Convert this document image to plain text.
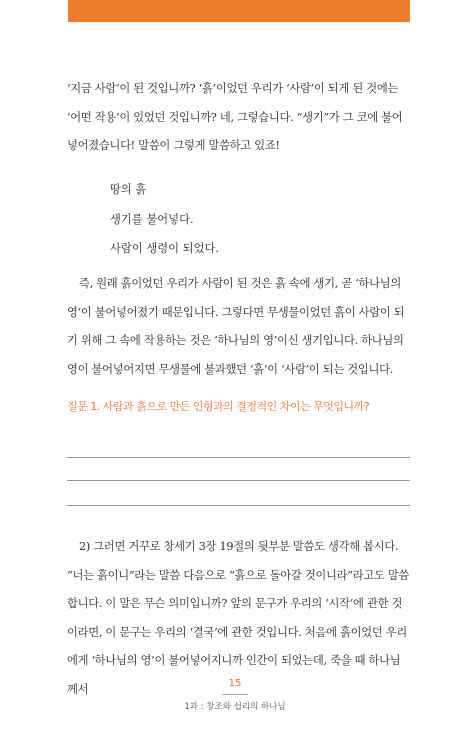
‘지금 사람’이 된 것입니까? ‘흙’이었던 우리가 ‘사람’이 되게 된 것에는 ‘어떤 작용’이 있었던 것입니까? 네, 그렇습니다. “생기”가 그 코에 불어넣어졌습니다! 말씀이 그렇게 말씀하고 있죠!

땅의 흙
생기를 불어넣다.
사람이 생령이 되었다.

즉, 원래 흙이었던 우리가 사람이 된 것은 흙 속에 생기, 곧 ‘하나님의 영’이 불어넣어졌기 때문입니다. 그렇다면 무생물이었던 흙이 사람이 되기 위해 그 속에 작용하는 것은 ‘하나님의 영’이신 생기입니다. 하나님의 영이 불어넣어지면 무생물에 불과했던 ‘흙’이 ‘사람’이 되는 것입니다.

질문 1. 사람과 흙으로 만든 인형과의 결정적인 차이는 무엇입니까?

2) 그러면 거꾸로 창세기 3장 19절의 뒷부분 말씀도 생각해 봅시다. “너는 흙이니”라는 말씀 다음으로 “흙으로 돌아갈 것이니라”라고도 말씀합니다. 이 말은 무슨 의미입니까? 앞의 문구가 우리의 ‘시작’에 관한 것이라면, 이 문구는 우리의 ‘결국’에 관한 것입니다. 처음에 흙이었던 우리에게 ‘하나님의 영’이 불어넣어지니까 인간이 되었는데, 죽을 때 하나님께서	15
1과 : 창조와 섭리의 하나님
